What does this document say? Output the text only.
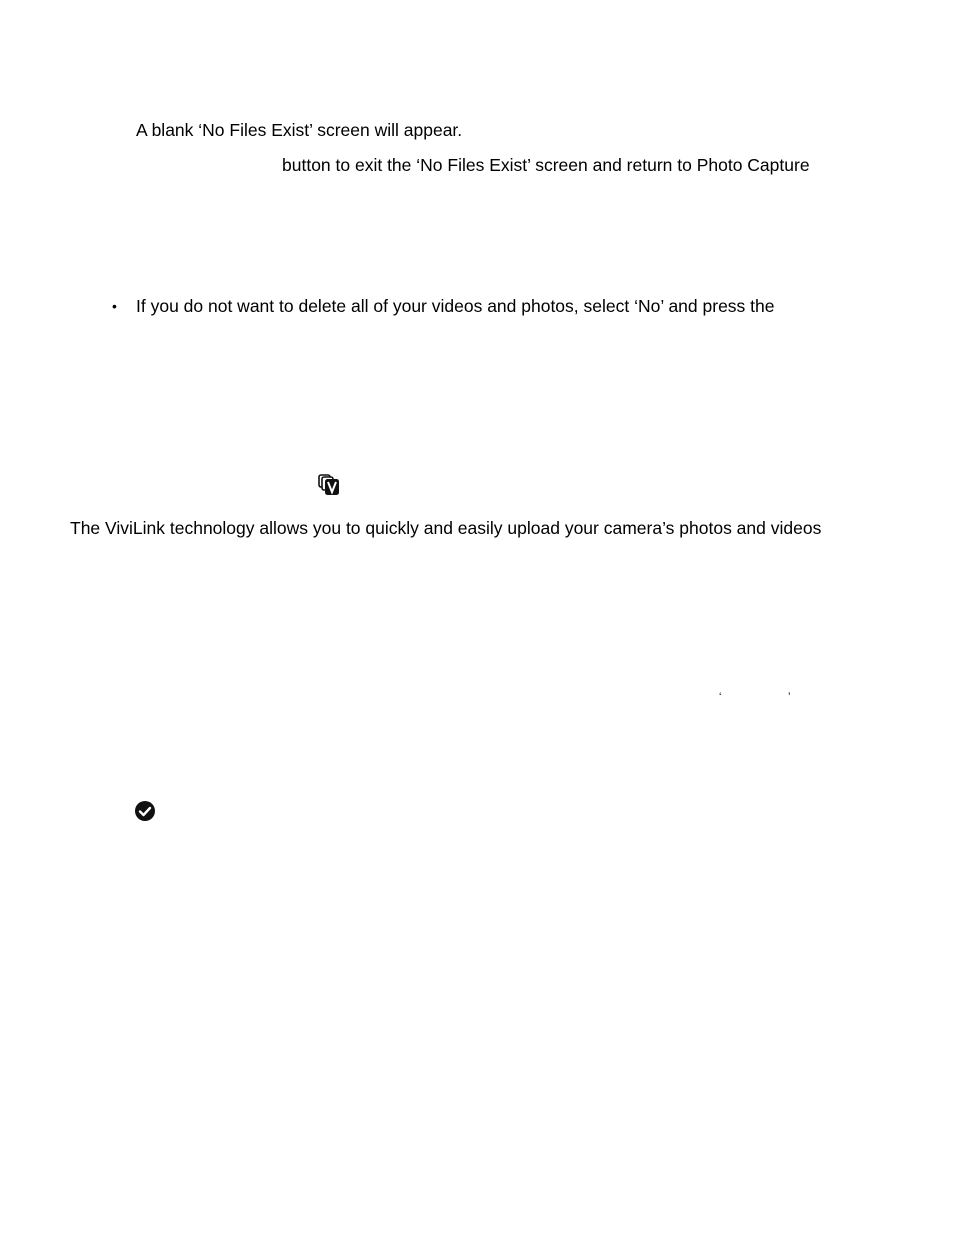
A blank ‘No Files Exist’ screen will appear.
button to exit the ‘No Files Exist’ screen and return to Photo Capture
• If you do not want to delete all of your videos and photos, select ‘No’ and press the
The ViviLink technology allows you to quickly and easily upload your camera’s photos and videos
‘	’
